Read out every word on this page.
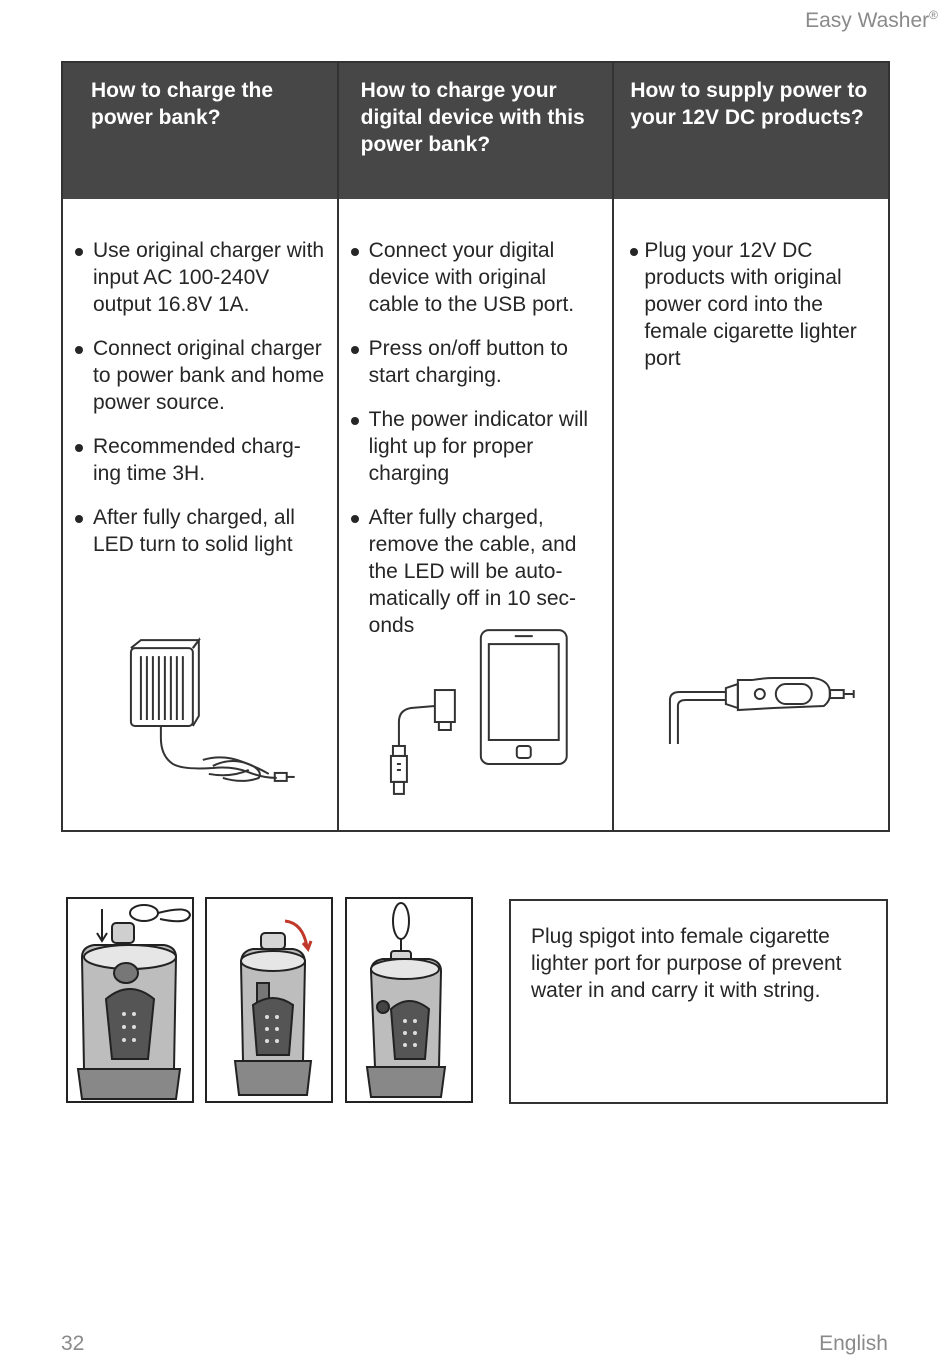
Easy Washer®
How to charge the power bank?
Use original charger with input AC 100-240V output 16.8V 1A.
Connect original charger to power bank and home power source.
Recommended charg-ing time 3H.
After fully charged, all LED turn to solid light
How to charge your digital device with this power bank?
Connect your digital device with original cable to the USB port.
Press on/off button to start charging.
The power indicator will light up for proper charging
After fully charged, remove the cable, and the LED will be auto-matically off in 10 sec-onds
How to supply power to your 12V DC products?
Plug your 12V DC products with original power cord into the female cigarette lighter port
Plug spigot into female cigarette lighter port for purpose of prevent water in and carry it with string.
32	English
